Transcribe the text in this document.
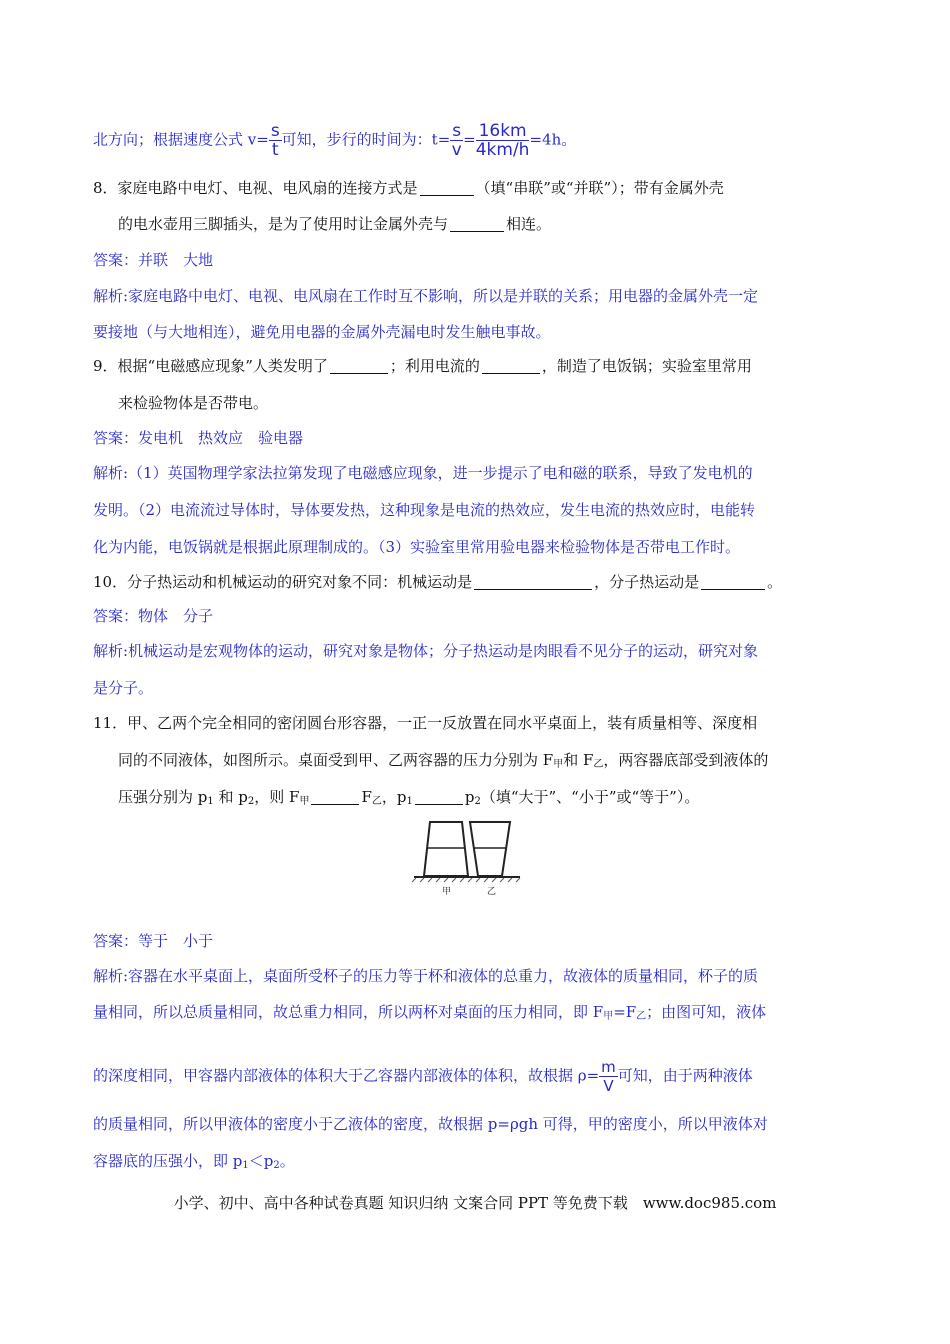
北方向；根据速度公式 $v= \frac{s}{t}$ 可知，步行的时间为：$t= \frac{s}{v} = \frac{16km}{4km/h} =4h$。
8．家庭电路中电灯、电视、电风扇的连接方式是	（填“串联”或“并联”）；带有金属外壳
的电水壶用三脚插头，是为了使用时让金属外壳与	相连。
答案：并联　大地
解析:家庭电路中电灯、电视、电风扇在工作时互不影响，所以是并联的关系；用电器的金属外壳一定
要接地（与大地相连），避免用电器的金属外壳漏电时发生触电事故。
9．根据“电磁感应现象”人类发明了	；利用电流的	，制造了电饭锅；实验室里常用
来检验物体是否带电。
答案：发电机　热效应　验电器
解析:（1）英国物理学家法拉第发现了电磁感应现象，进一步提示了电和磁的联系，导致了发电机的
发明。（2）电流流过导体时，导体要发热，这种现象是电流的热效应，发生电流的热效应时，电能转
化为内能，电饭锅就是根据此原理制成的。（3）实验室里常用验电器来检验物体是否带电工作时。
10．分子热运动和机械运动的研究对象不同：机械运动是	，分子热运动是	。
答案：物体　分子
解析:机械运动是宏观物体的运动，研究对象是物体；分子热运动是肉眼看不见分子的运动，研究对象
是分子。
11．甲、乙两个完全相同的密闭圆台形容器，一正一反放置在同水平桌面上，装有质量相等、深度相
同的不同液体，如图所示。桌面受到甲、乙两容器的压力分别为 $F_甲$和 $F_乙$，两容器底部受到液体的
压强分别为 $p_1$ 和 $p_2$，则 $F_甲$	$F_乙$，$p_1$	$p_2$（填“大于”、“小于”或“等于”）。
甲	乙
答案：等于　小于
解析:容器在水平桌面上，桌面所受杯子的压力等于杯和液体的总重力，故液体的质量相同，杯子的质
量相同，所以总质量相同，故总重力相同，所以两杯对桌面的压力相同，即 $F_甲=F_乙$；由图可知，液体
的深度相同，甲容器内部液体的体积大于乙容器内部液体的体积，故根据 $\rho= \frac{m}{V}$ 可知，由于两种液体
的质量相同，所以甲液体的密度小于乙液体的密度，故根据 p=ρgh 可得，甲的密度小，所以甲液体对
容器底的压强小，即 $p_1<p_2$。
小学、初中、高中各种试卷真题 知识归纳 文案合同 PPT 等免费下载　www.doc985.com
